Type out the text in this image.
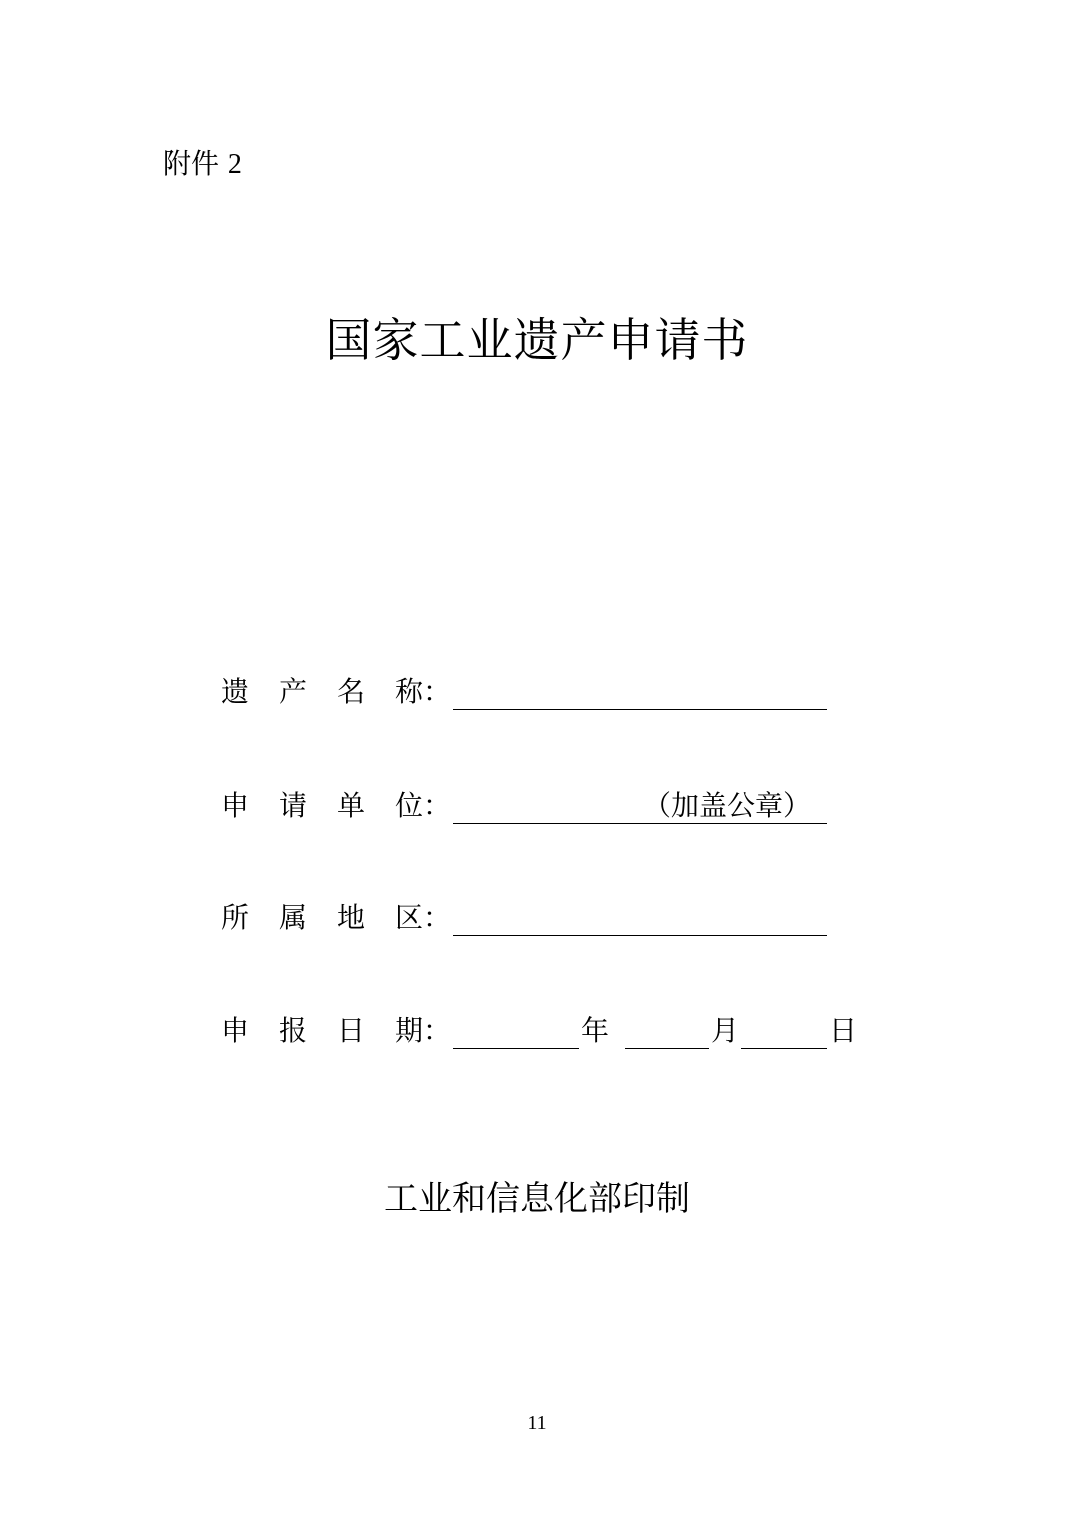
附件 2
国家工业遗产申请书
遗 产 名 称 ：
申 请 单 位 ：	（加盖公章）
所 属 地 区 ：
申 报 日 期 ：	年	月	日
工业和信息化部印制
11
